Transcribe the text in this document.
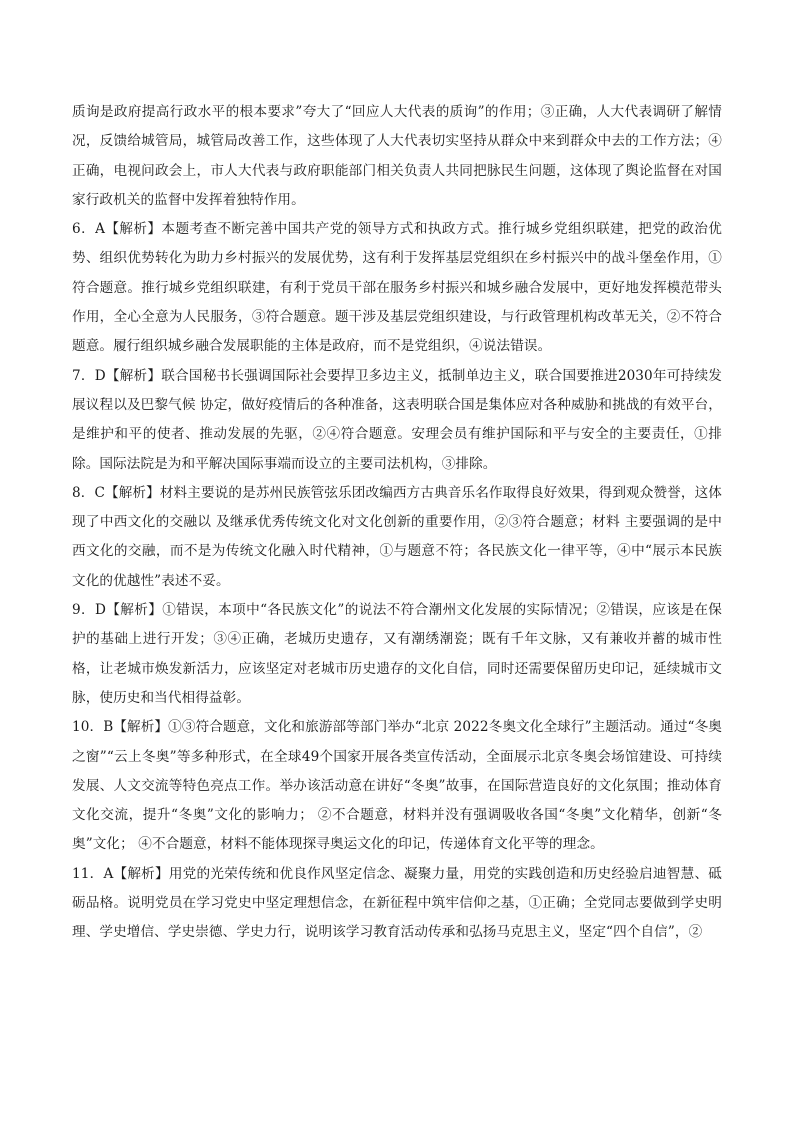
质询是政府提高行政水平的根本要求”夸大了“回应人大代表的质询”的作用；③正确，人大代表调研了解情况，反馈给城管局，城管局改善工作，这些体现了人大代表切实坚持从群众中来到群众中去的工作方法；④正确，电视问政会上，市人大代表与政府职能部门相关负责人共同把脉民生问题，这体现了舆论监督在对国家行政机关的监督中发挥着独特作用。

6．A【解析】本题考查不断完善中国共产党的领导方式和执政方式。推行城乡党组织联建，把党的政治优势、组织优势转化为助力乡村振兴的发展优势，这有利于发挥基层党组织在乡村振兴中的战斗堡垒作用，①符合题意。推行城乡党组织联建，有利于党员干部在服务乡村振兴和城乡融合发展中，更好地发挥模范带头作用，全心全意为人民服务，③符合题意。题干涉及基层党组织建设，与行政管理机构改革无关，②不符合题意。履行组织城乡融合发展职能的主体是政府，而不是党组织，④说法错误。

7．D【解析】联合国秘书长强调国际社会要捍卫多边主义，抵制单边主义，联合国要推进2030年可持续发展议程以及巴黎气候 协定，做好疫情后的各种准备，这表明联合国是集体应对各种威胁和挑战的有效平台，是维护和平的使者、推动发展的先驱，②④符合题意。安理会员有维护国际和平与安全的主要责任，①排除。国际法院是为和平解决国际事端而设立的主要司法机构，③排除。

8．C【解析】材料主要说的是苏州民族管弦乐团改编西方古典音乐名作取得良好效果，得到观众赞誉，这体现了中西文化的交融以 及继承优秀传统文化对文化创新的重要作用，②③符合题意；材料 主要强调的是中西文化的交融，而不是为传统文化融入时代精神，①与题意不符；各民族文化一律平等，④中“展示本民族文化的优越性”表述不妥。

9．D【解析】①错误，本项中“各民族文化”的说法不符合潮州文化发展的实际情况；②错误，应该是在保护的基础上进行开发；③④正确，老城历史遗存，又有潮绣潮瓷；既有千年文脉，又有兼收并蓄的城市性格，让老城市焕发新活力，应该坚定对老城市历史遗存的文化自信，同时还需要保留历史印记，延续城市文脉，使历史和当代相得益彰。

10．B【解析】①③符合题意，文化和旅游部等部门举办“北京 2022冬奥文化全球行”主题活动。通过“冬奥之窗”“云上冬奥”等多种形式，在全球49个国家开展各类宣传活动，全面展示北京冬奥会场馆建设、可持续发展、人文交流等特色亮点工作。举办该活动意在讲好“冬奥”故事，在国际营造良好的文化氛围；推动体育文化交流，提升“冬奥”文化的影响力； ②不合题意，材料并没有强调吸收各国“冬奥”文化精华，创新“冬奥”文化； ④不合题意，材料不能体现探寻奥运文化的印记，传递体育文化平等的理念。

11．A【解析】用党的光荣传统和优良作风坚定信念、凝聚力量，用党的实践创造和历史经验启迪智慧、砥砺品格。说明党员在学习党史中坚定理想信念，在新征程中筑牢信仰之基，①正确；全党同志要做到学史明理、学史增信、学史崇德、学史力行，说明该学习教育活动传承和弘扬马克思主义，坚定“四个自信”，②
